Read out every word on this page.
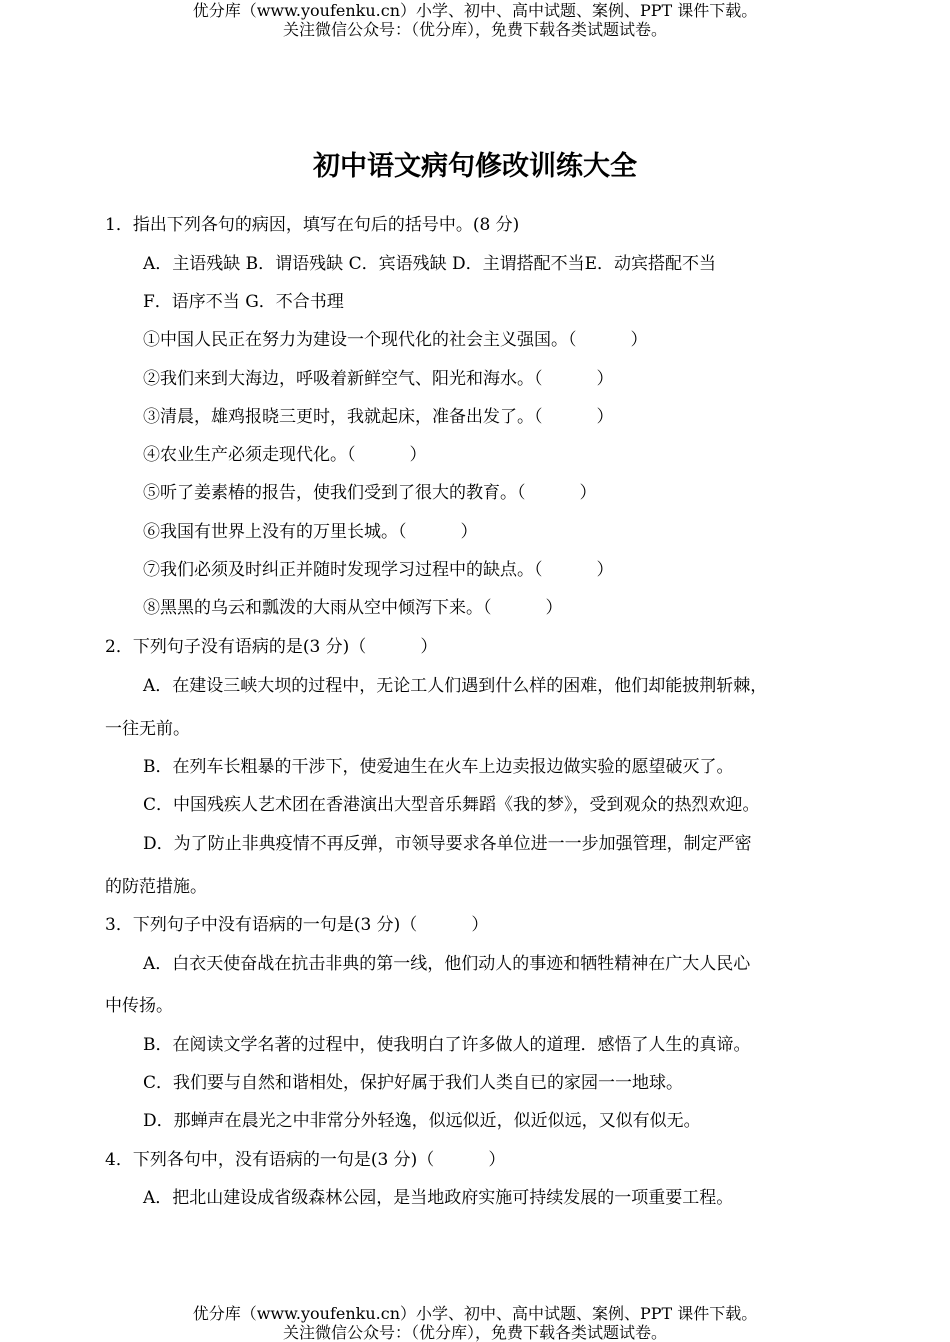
优分库（www.youfenku.cn）小学、初中、高中试题、案例、PPT 课件下载。
关注微信公众号：（优分库），免费下载各类试题试卷。
初中语文病句修改训练大全
1．指出下列各句的病因，填写在句后的括号中。(8 分)
A．主语残缺 B．谓语残缺 C．宾语残缺 D．主谓搭配不当E．动宾搭配不当
F．语序不当 G．不合书理
①中国人民正在努力为建设一个现代化的社会主义强国。（	）
②我们来到大海边，呼吸着新鲜空气、阳光和海水。（	）
③清晨，雄鸡报晓三更时，我就起床，准备出发了。（	）
④农业生产必须走现代化。（	）
⑤听了姜素椿的报告，使我们受到了很大的教育。（	）
⑥我国有世界上没有的万里长城。（	）
⑦我们必须及时纠正并随时发现学习过程中的缺点。（	）
⑧黑黑的乌云和瓢泼的大雨从空中倾泻下来。（	）
2．下列句子没有语病的是(3 分)（	）
A．在建设三峡大坝的过程中，无论工人们遇到什么样的困难，他们却能披荆斩棘，
一往无前。
B．在列车长粗暴的干涉下，使爱迪生在火车上边卖报边做实验的愿望破灭了。
C．中国残疾人艺术团在香港演出大型音乐舞蹈《我的梦》，受到观众的热烈欢迎。
D．为了防止非典疫情不再反弹，市领导要求各单位进一一步加强管理，制定严密
的防范措施。
3．下列句子中没有语病的一句是(3 分)（	）
A．白衣天使奋战在抗击非典的第一线，他们动人的事迹和牺牲精神在广大人民心
中传扬。
B．在阅读文学名著的过程中，使我明白了许多做人的道理．感悟了人生的真谛。
C．我们要与自然和谐相处，保护好属于我们人类自已的家园一一地球。
D．那蝉声在晨光之中非常分外轻逸，似远似近，似近似远，又似有似无。
4．下列各句中，没有语病的一句是(3 分)（	）
A．把北山建设成省级森林公园，是当地政府实施可持续发展的一项重要工程。
优分库（www.youfenku.cn）小学、初中、高中试题、案例、PPT 课件下载。
关注微信公众号：（优分库），免费下载各类试题试卷。
